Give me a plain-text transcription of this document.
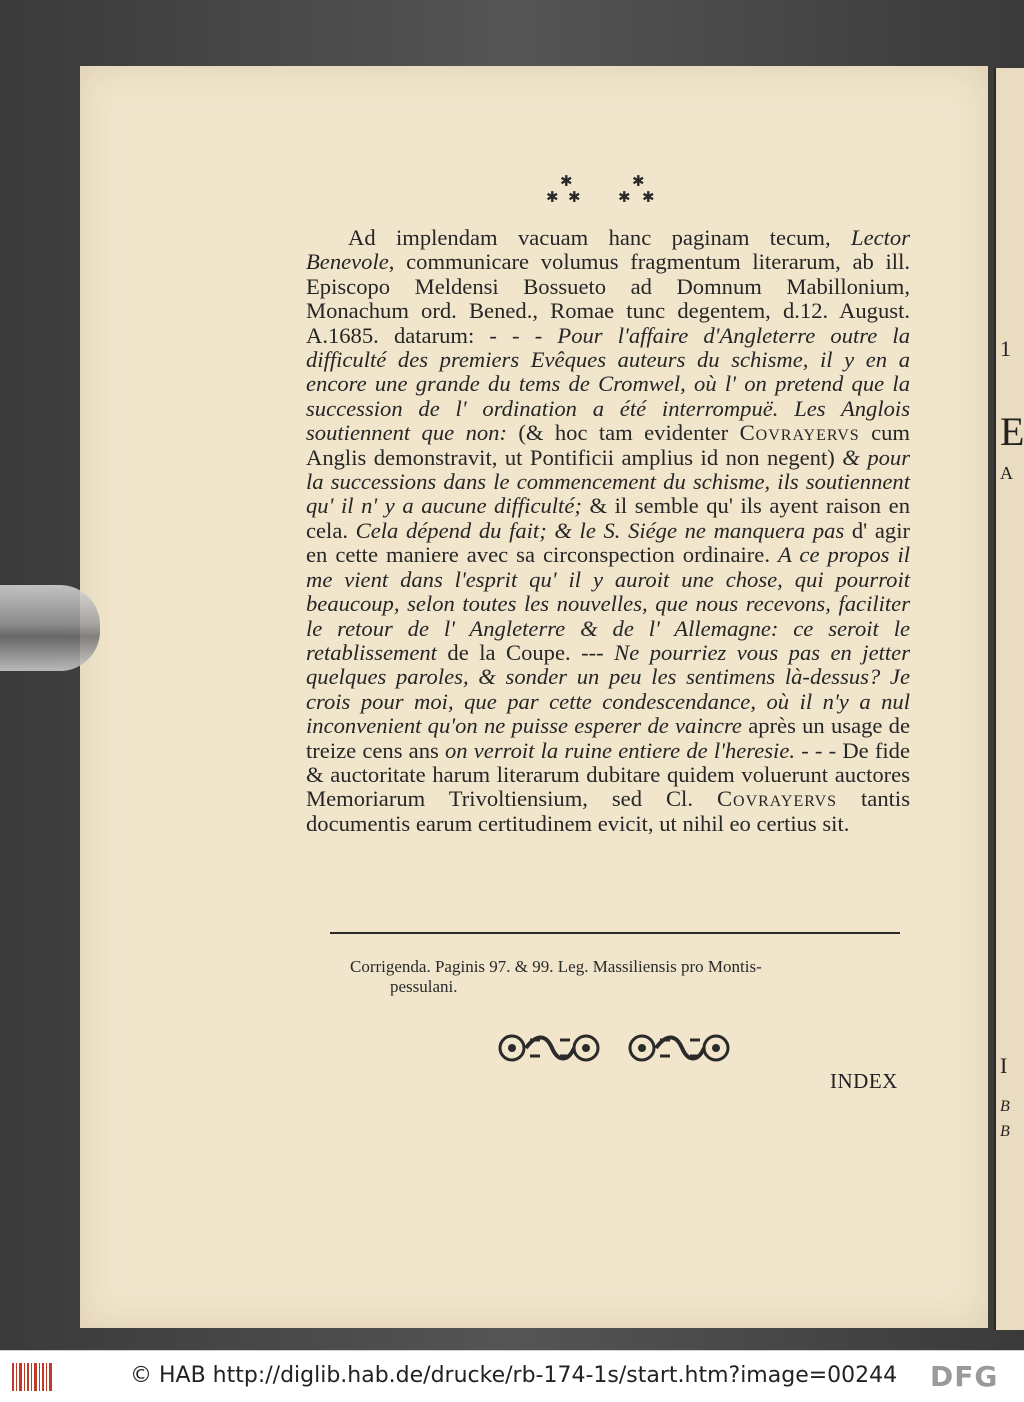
1
E
A
I
B
B
✱
✱ ✱
✱
✱ ✱

Ad implendam vacuam hanc paginam tecum, Lector Benevole, communicare volumus fragmentum literarum, ab ill. Episcopo Meldensi Bossueto ad Domnum Mabillonium, Monachum ord. Bened., Romae tunc degentem, d.12. August. A.1685. datarum: - - - Pour l'affaire d'Angleterre outre la difficulté des premiers Evêques auteurs du schisme, il y en a encore une grande du tems de Cromwel, où l' on pretend que la succession de l' ordination a été interrompuë. Les Anglois soutiennent que non: (& hoc tam evidenter Covrayervs cum Anglis demonstravit, ut Pontificii amplius id non negent) & pour la successions dans le commencement du schisme, ils soutiennent qu' il n' y a aucune difficulté; & il semble qu' ils ayent raison en cela. Cela dépend du fait; & le S. Siége ne manquera pas d' agir en cette maniere avec sa circonspection ordinaire. A ce propos il me vient dans l'esprit qu' il y auroit une chose, qui pourroit beaucoup, selon toutes les nouvelles, que nous recevons, faciliter le retour de l' Angleterre & de l' Allemagne: ce seroit le retablissement de la Coupe. --- Ne pourriez vous pas en jetter quelques paroles, & sonder un peu les sentimens là-dessus? Je crois pour moi, que par cette condescendance, où il n'y a nul inconvenient qu'on ne puisse esperer de vaincre après un usage de treize cens ans on verroit la ruine entiere de l'heresie. - - - De fide & auctoritate harum literarum dubitare quidem voluerunt auctores Memoriarum Trivoltiensium, sed Cl. Covrayervs tantis documentis earum certitudinem evicit, ut nihil eo certius sit.

Corrigenda. Paginis 97. & 99. Leg. Massiliensis pro Montis-
pessulani.
INDEX
© HAB http://diglib.hab.de/drucke/rb-174-1s/start.htm?image=00244 DFG
